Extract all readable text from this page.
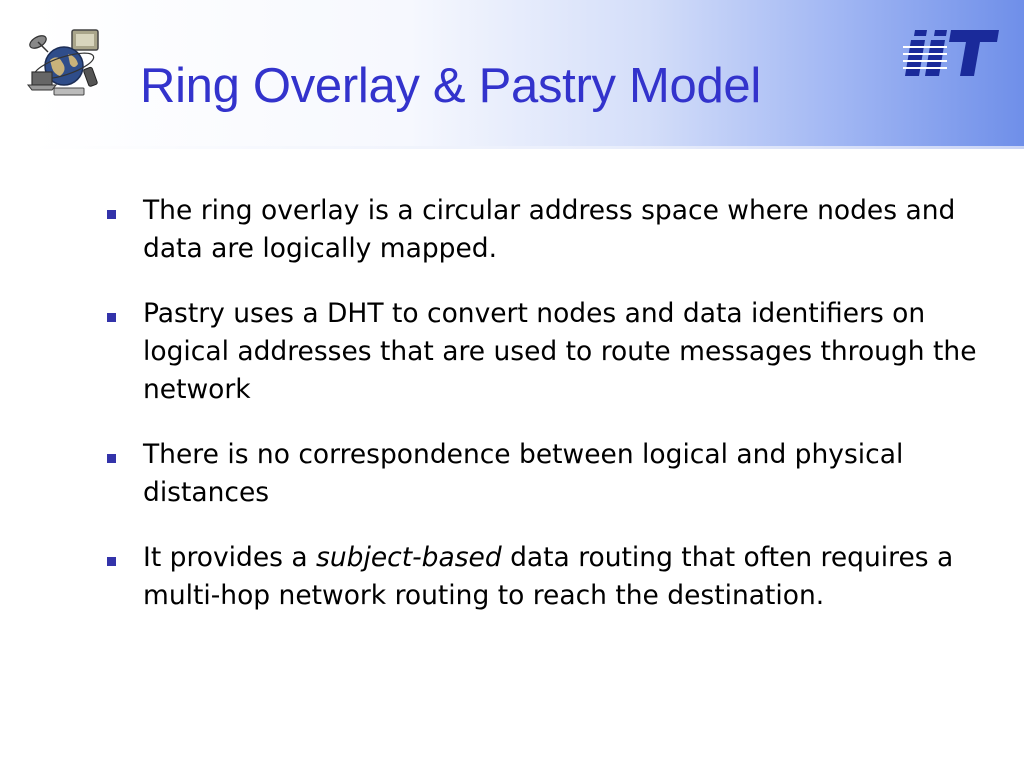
Ring Overlay & Pastry Model
The ring overlay is a circular address space where nodes and data are logically mapped.
Pastry uses a DHT to convert nodes and data identifiers on logical addresses that are used to route messages through the network
There is no correspondence between logical and physical distances
It provides a subject-based data routing that often requires a multi-hop network routing to reach the destination.
